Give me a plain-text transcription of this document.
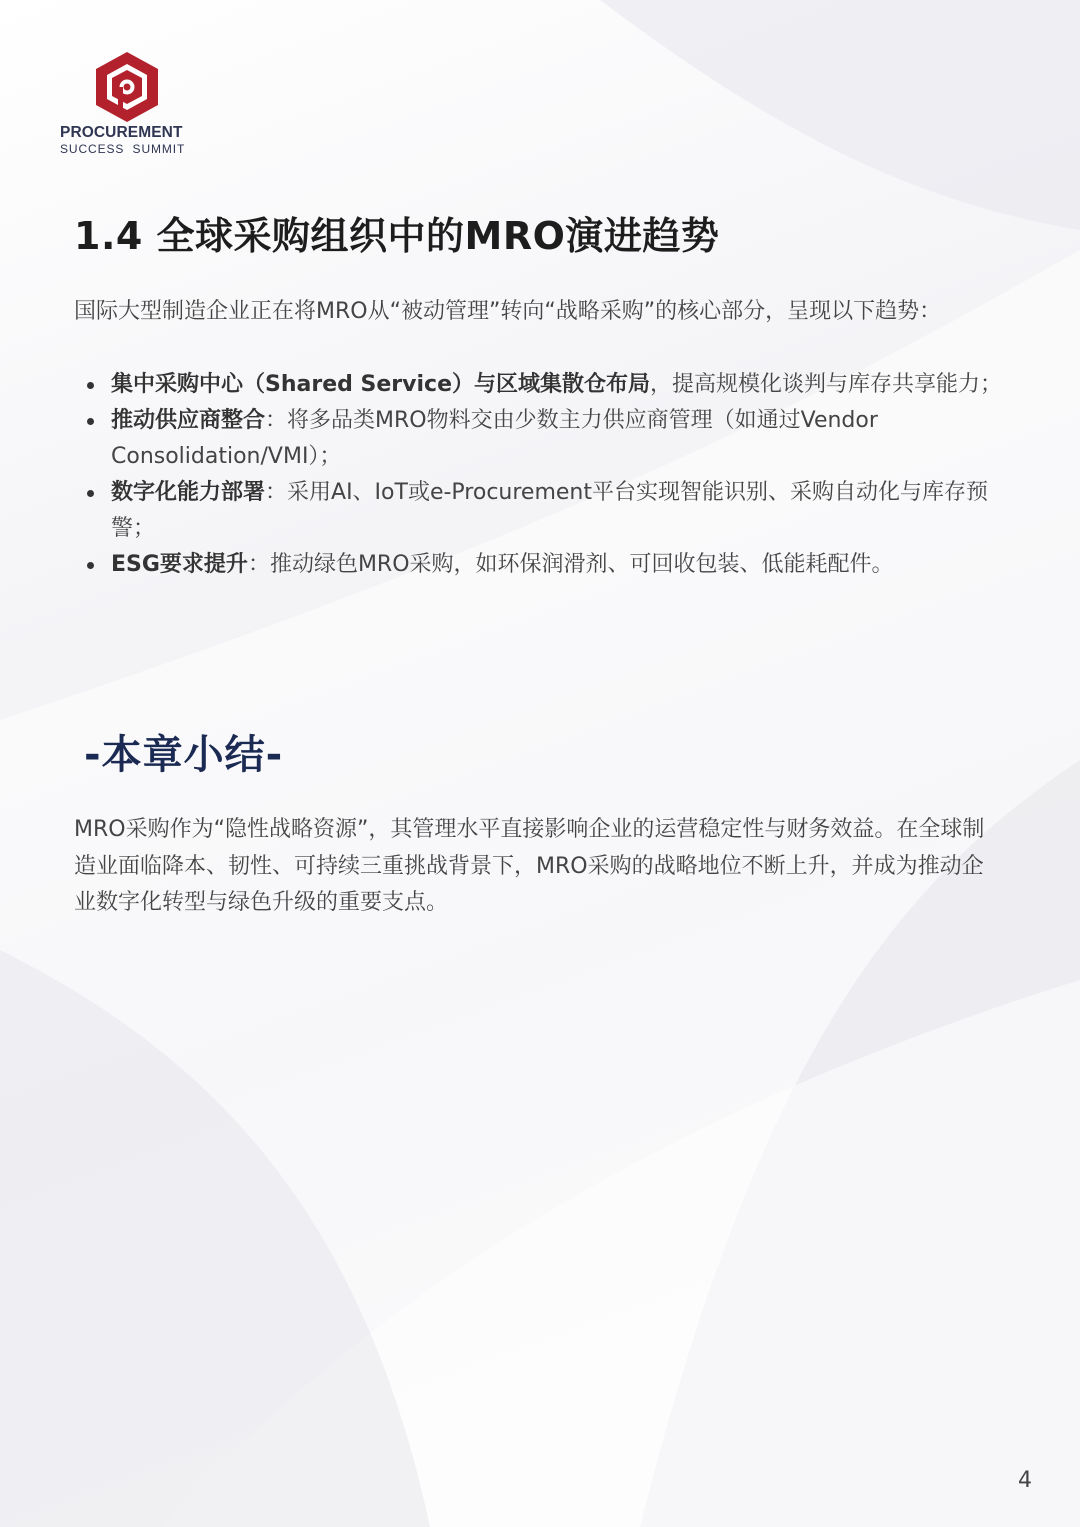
PROCUREMENT
SUCCESS SUMMIT
1.4 全球采购组织中的MRO演进趋势

国际大型制造企业正在将MRO从“被动管理”转向“战略采购”的核心部分，呈现以下趋势：

集中采购中心（Shared Service）与区域集散仓布局，提高规模化谈判与库存共享能力；
推动供应商整合：将多品类MRO物料交由少数主力供应商管理（如通过Vendor Consolidation/VMI）；
数字化能力部署：采用AI、IoT或e-Procurement平台实现智能识别、采购自动化与库存预警；
ESG要求提升：推动绿色MRO采购，如环保润滑剂、可回收包装、低能耗配件。
-本章小结-

MRO采购作为“隐性战略资源”，其管理水平直接影响企业的运营稳定性与财务效益。在全球制造业面临降本、韧性、可持续三重挑战背景下，MRO采购的战略地位不断上升，并成为推动企业数字化转型与绿色升级的重要支点。

4
